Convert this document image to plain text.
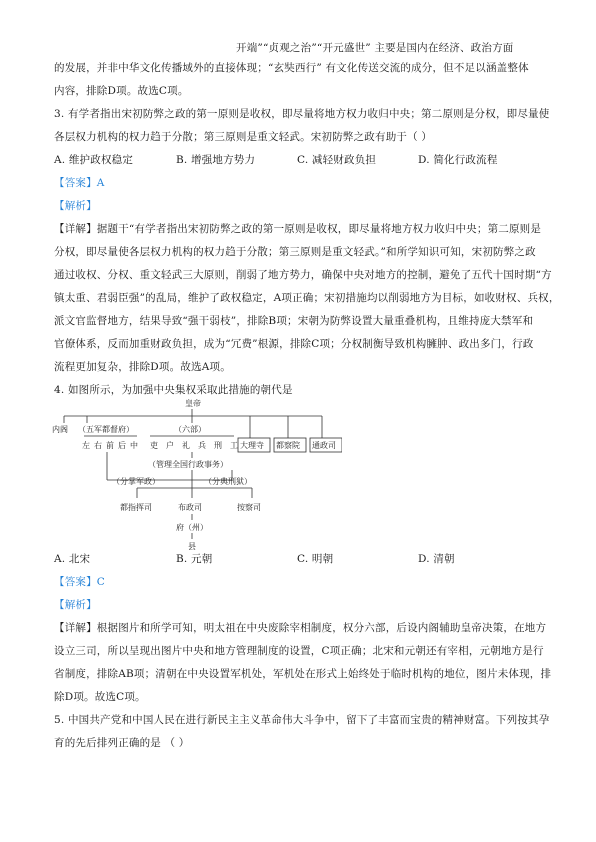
开端”“贞观之治”“开元盛世” 主要是国内在经济、政治方面
的发展，并非中华文化传播域外的直接体现；“玄奘西行” 有文化传送交流的成分，但不足以涵盖整体
内容，排除D项。故选C项。
3. 有学者指出宋初防弊之政的第一原则是收权，即尽量将地方权力收归中央；第二原则是分权，即尽量使
各层权力机构的权力趋于分散；第三原则是重文轻武。宋初防弊之政有助于（ ）
A. 维护政权稳定	B. 增强地方势力	C. 减轻财政负担	D. 简化行政流程
【答案】A
【解析】
【详解】据题干“有学者指出宋初防弊之政的第一原则是收权，即尽量将地方权力收归中央；第二原则是
分权，即尽量使各层权力机构的权力趋于分散；第三原则是重文轻武。”和所学知识可知，宋初防弊之政
通过收权、分权、重文轻武三大原则，削弱了地方势力，确保中央对地方的控制，避免了五代十国时期“方
镇太重、君弱臣强”的乱局，维护了政权稳定，A项正确；宋初措施均以削弱地方为目标，如收财权、兵权，
派文官监督地方，结果导致“强干弱枝”，排除B项；宋朝为防弊设置大量重叠机构，且维持庞大禁军和
官僚体系，反而加重财政负担，成为“冗费”根源，排除C项；分权制衡导致机构臃肿、政出多门，行政
流程更加复杂，排除D项。故选A项。
4. 如图所示，为加强中央集权采取此措施的朝代是
皇帝
内阁 （五军都督府）	（六部）
左 右 前 后 中 吏 户 礼 兵 刑 工 大理寺 都察院 通政司
（管理全国行政事务）
（分掌军政）	（分典刑狱）
都指挥司	布政司	按察司
府（州）
县
A. 北宋	B. 元朝	C. 明朝	D. 清朝
【答案】C
【解析】
【详解】根据图片和所学可知，明太祖在中央废除宰相制度，权分六部，后设内阁辅助皇帝决策，在地方
设立三司，所以呈现出图片中央和地方管理制度的设置，C项正确；北宋和元朝还有宰相，元朝地方是行
省制度，排除AB项；清朝在中央设置军机处，军机处在形式上始终处于临时机构的地位，图片未体现，排
除D项。故选C项。
5. 中国共产党和中国人民在进行新民主主义革命伟大斗争中，留下了丰富而宝贵的精神财富。下列按其孕
育的先后排列正确的是 （ ）
